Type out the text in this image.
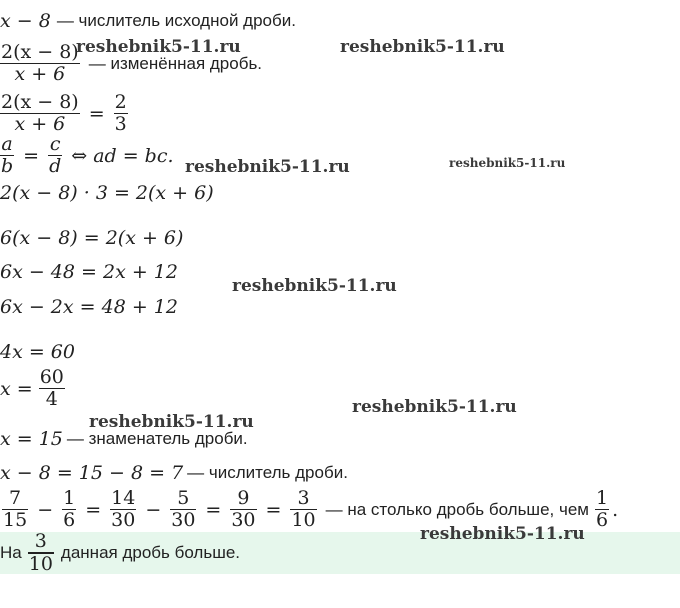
x − 8 — числитель исходной дроби.
$\frac{2(x - 8)}{x + 6}$ — изменённая дробь.
$\frac{2(x - 8)}{x + 6} = \frac{2}{3}$
$\frac{a}{b} = \frac{c}{d}$ ⇔ ad = bc.
2(x − 8) · 3 = 2(x + 6)
6(x − 8) = 2(x + 6)
6x − 48 = 2x + 12
6x − 2x = 48 + 12
4x = 60
$x = \frac{60}{4}$
x = 15 — знаменатель дроби.
x − 8 = 15 − 8 = 7 — числитель дроби.
$\frac{7}{15} - \frac{1}{6} = \frac{14}{30} - \frac{5}{30} = \frac{9}{30} = \frac{3}{10}$ — на столько дробь больше, чем $\frac{1}{6}$ .
На $\frac{3}{10}$ данная дробь больше.
reshebnik5-11.ru	reshebnik5-11.ru
reshebnik5-11.ru	reshebnik5-11.ru
reshebnik5-11.ru
reshebnik5-11.ru
reshebnik5-11.ru
reshebnik5-11.ru
